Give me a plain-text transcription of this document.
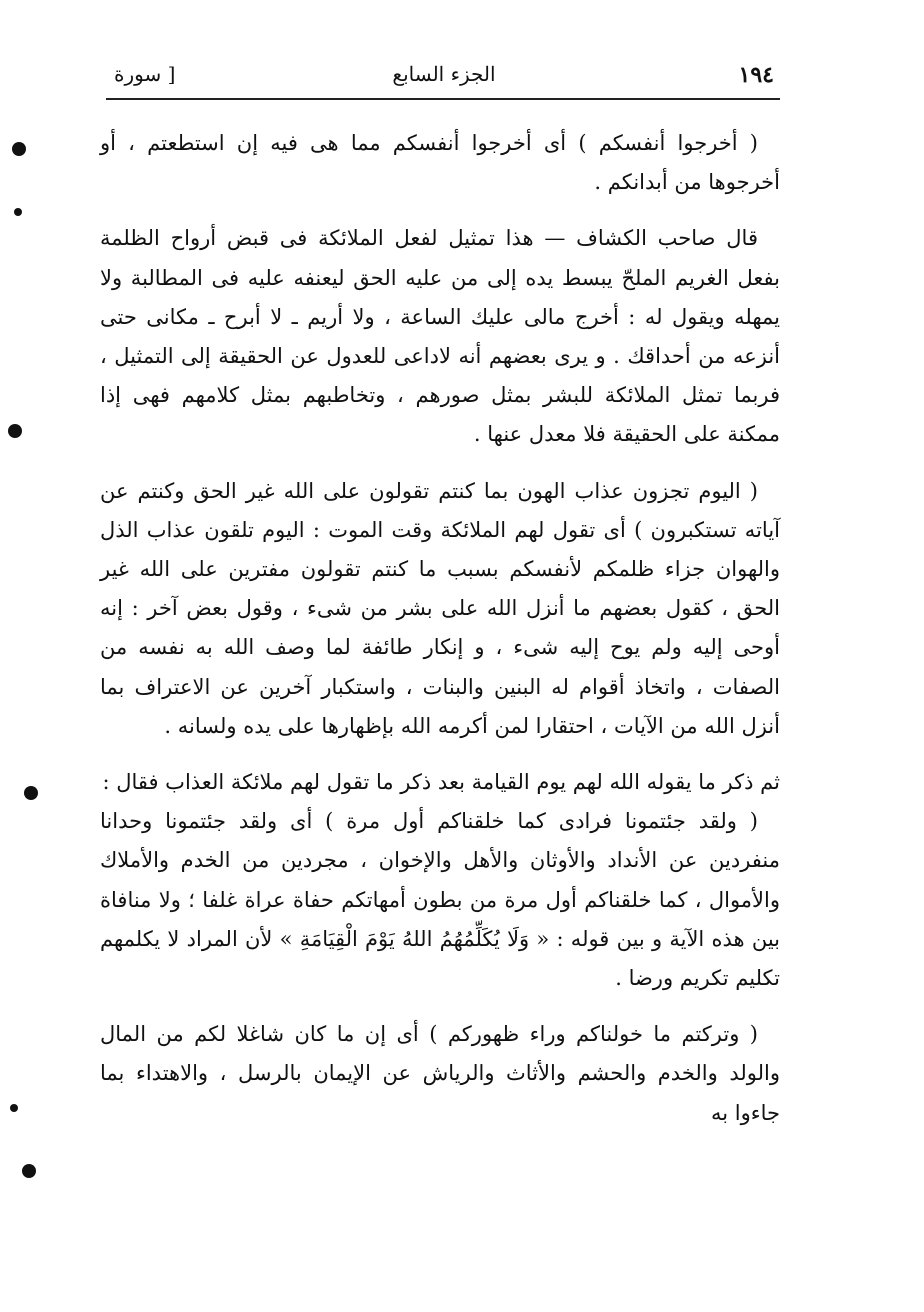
١٩٤
الجزء السابع
[ سورة

( أخرجوا أنفسكم ) أى أخرجوا أنفسكم مما هى فيه إن استطعتم ، أو أخرجوها من أبدانكم .

قال صاحب الكشاف — هذا تمثيل لفعل الملائكة فى قبض أرواح الظلمة بفعل الغريم الملحّ يبسط يده إلى من عليه الحق ليعنفه عليه فى المطالبة ولا يمهله ويقول له : أخرج مالى عليك الساعة ، ولا أريم ـ لا أبرح ـ مكانى حتى أنزعه من أحداقك . و يرى بعضهم أنه لاداعى للعدول عن الحقيقة إلى التمثيل ، فربما تمثل الملائكة للبشر بمثل صورهم ، وتخاطبهم بمثل كلامهم فهى إذا ممكنة على الحقيقة فلا معدل عنها .

( اليوم تجزون عذاب الهون بما كنتم تقولون على الله غير الحق وكنتم عن آياته تستكبرون ) أى تقول لهم الملائكة وقت الموت : اليوم تلقون عذاب الذل والهوان جزاء ظلمكم لأنفسكم بسبب ما كنتم تقولون مفترين على الله غير الحق ، كقول بعضهم ما أنزل الله على بشر من شىء ، وقول بعض آخر : إنه أوحى إليه ولم يوح إليه شىء ، و إنكار طائفة لما وصف الله به نفسه من الصفات ، واتخاذ أقوام له البنين والبنات ، واستكبار آخرين عن الاعتراف بما أنزل الله من الآيات ، احتقارا لمن أكرمه الله بإظهارها على يده ولسانه .

ثم ذكر ما يقوله الله لهم يوم القيامة بعد ذكر ما تقول لهم ملائكة العذاب فقال :

( ولقد جئتمونا فرادى كما خلقناكم أول مرة ) أى ولقد جئتمونا وحدانا منفردين عن الأنداد والأوثان والأهل والإخوان ، مجردين من الخدم والأملاك والأموال ، كما خلقناكم أول مرة من بطون أمهاتكم حفاة عراة غلفا ؛ ولا منافاة بين هذه الآية و بين قوله : « وَلَا يُكَلِّمُهُمُ اللهُ يَوْمَ الْقِيَامَةِ » لأن المراد لا يكلمهم تكليم تكريم ورضا .

( وتركتم ما خولناكم وراء ظهوركم ) أى إن ما كان شاغلا لكم من المال والولد والخدم والحشم والأثاث والرياش عن الإيمان بالرسل ، والاهتداء بما جاءوا به
